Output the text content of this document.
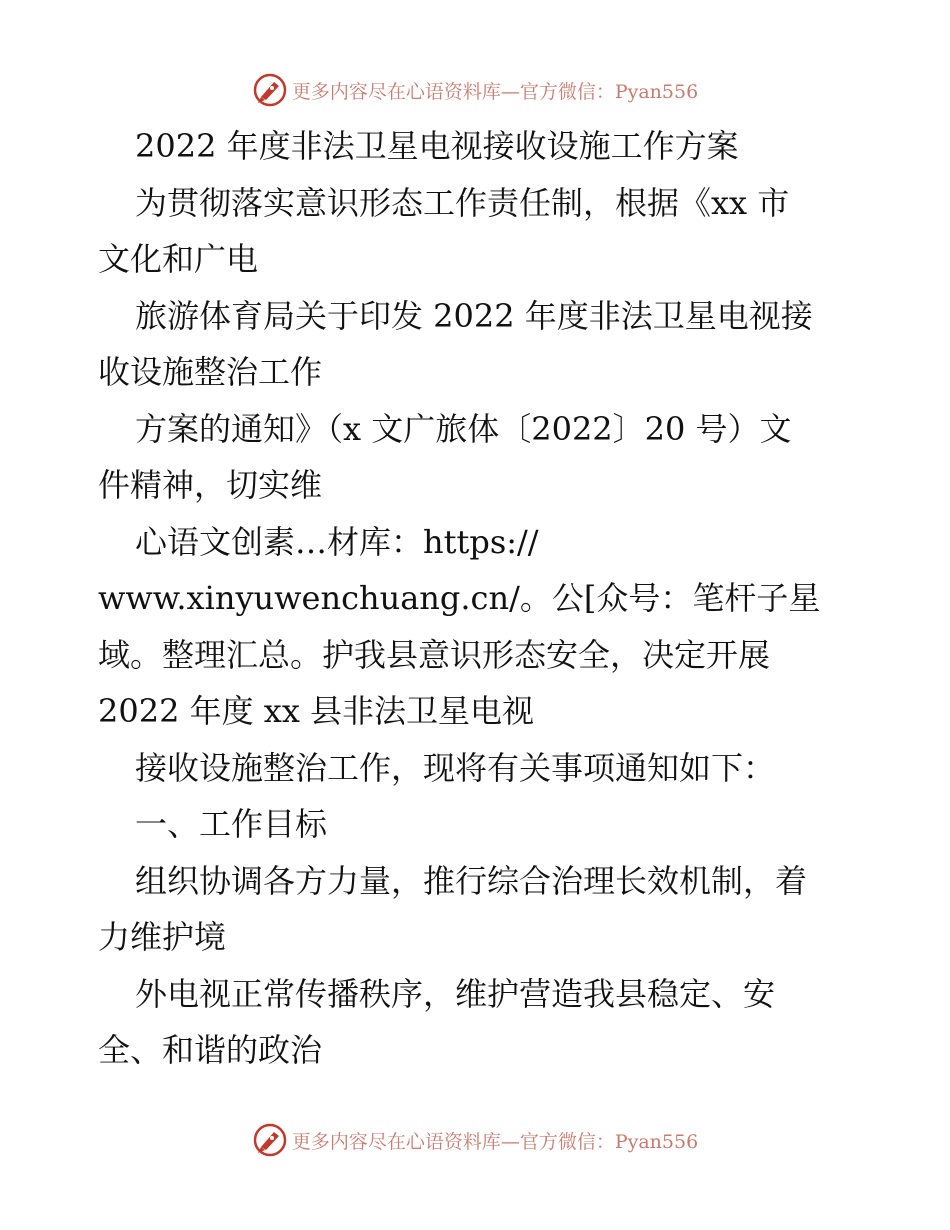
更多内容尽在心语资料库—官方微信：Pyan556
2022 年度非法卫星电视接收设施工作方案
为贯彻落实意识形态工作责任制，根据《xx 市
文化和广电
旅游体育局关于印发 2022 年度非法卫星电视接
收设施整治工作
方案的通知》（x 文广旅体〔2022〕20 号）文
件精神，切实维
心语文创素…材库：https://
www.xinyuwenchuang.cn/。公[众号：笔杆子星
域。整理汇总。护我县意识形态安全，决定开展
2022 年度 xx 县非法卫星电视
接收设施整治工作，现将有关事项通知如下：
一、工作目标
组织协调各方力量，推行综合治理长效机制，着
力维护境
外电视正常传播秩序，维护营造我县稳定、安
全、和谐的政治
更多内容尽在心语资料库—官方微信：Pyan556
